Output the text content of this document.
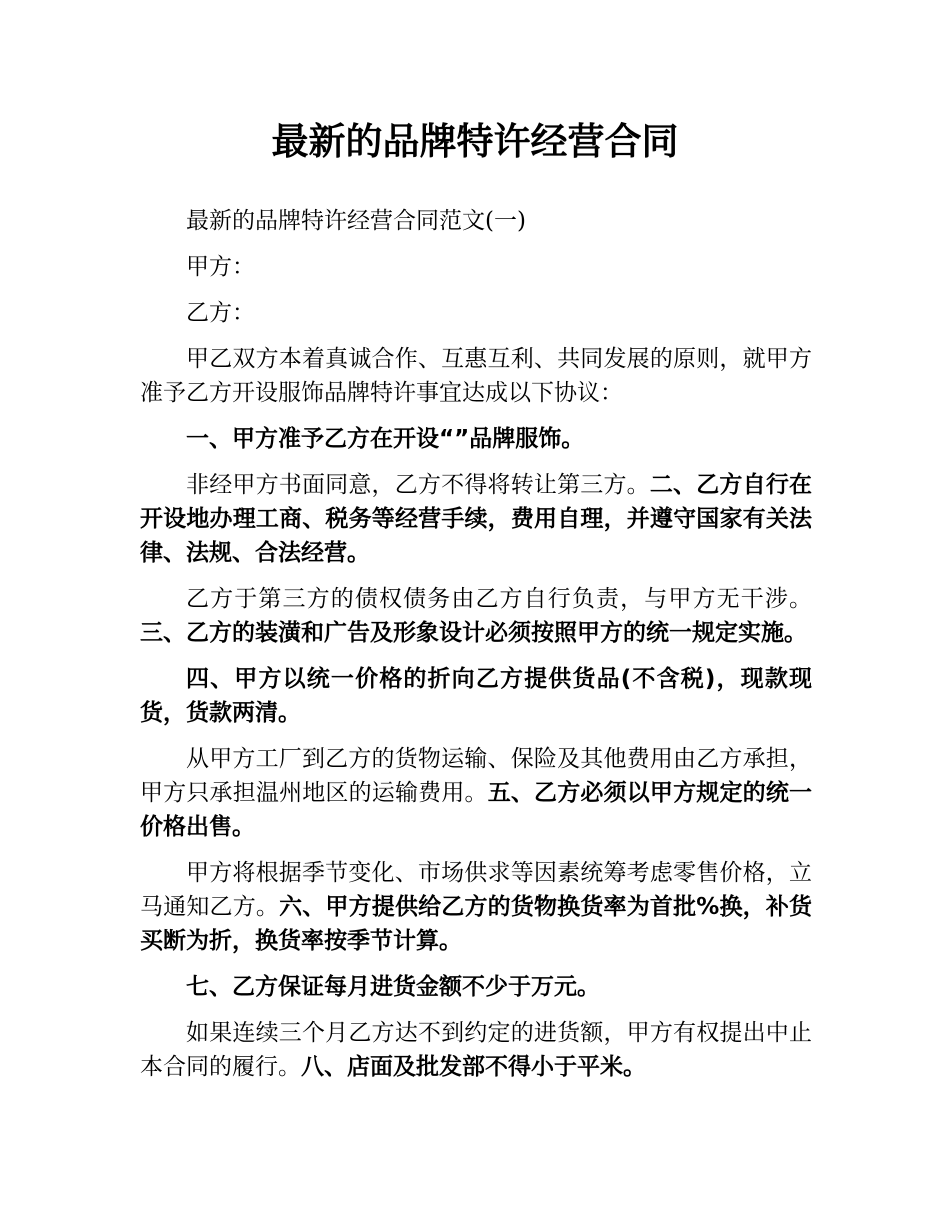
最新的品牌特许经营合同

最新的品牌特许经营合同范文(一)

甲方：

乙方：

甲乙双方本着真诚合作、互惠互利、共同发展的原则，就甲方准予乙方开设服饰品牌特许事宜达成以下协议：

一、甲方准予乙方在开设“”品牌服饰。

非经甲方书面同意，乙方不得将转让第三方。二、乙方自行在开设地办理工商、税务等经营手续，费用自理，并遵守国家有关法律、法规、合法经营。

乙方于第三方的债权债务由乙方自行负责，与甲方无干涉。三、乙方的装潢和广告及形象设计必须按照甲方的统一规定实施。

四、甲方以统一价格的折向乙方提供货品(不含税)，现款现货，货款两清。

从甲方工厂到乙方的货物运输、保险及其他费用由乙方承担，甲方只承担温州地区的运输费用。五、乙方必须以甲方规定的统一价格出售。

甲方将根据季节变化、市场供求等因素统筹考虑零售价格，立马通知乙方。六、甲方提供给乙方的货物换货率为首批%换，补货买断为折，换货率按季节计算。

七、乙方保证每月进货金额不少于万元。

如果连续三个月乙方达不到约定的进货额，甲方有权提出中止本合同的履行。八、店面及批发部不得小于平米。
